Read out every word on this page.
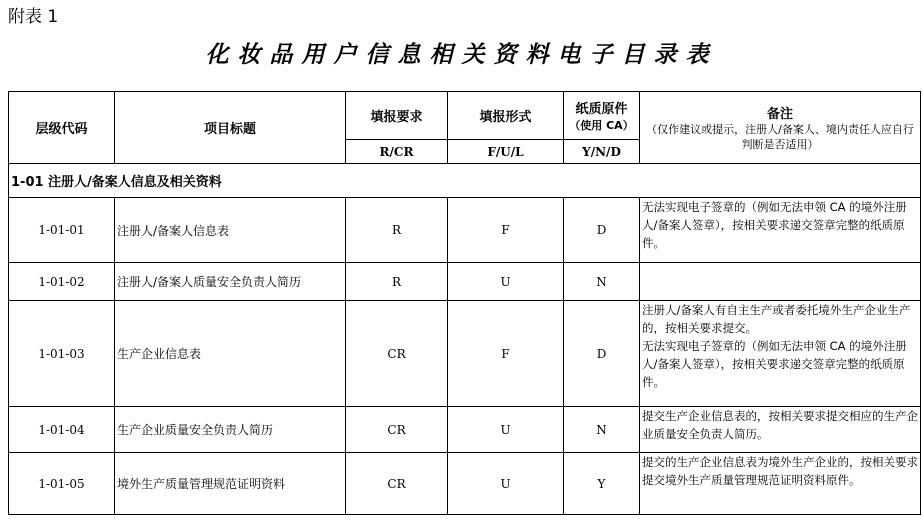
附表 1
化妆品用户信息相关资料电子目录表
层级代码	项目标题	填报要求	填报形式	纸质原件
（使用 CA）	备注
（仅作建议或提示，注册人/备案人、境内责任人应自行判断是否适用）

		R/CR	F/U/L	Y/N/D	
1-01 注册人/备案人信息及相关资料					
1-01-01	注册人/备案人信息表	R	F	D	无法实现电子签章的（例如无法申领 CA 的境外注册人/备案人签章），按相关要求递交签章完整的纸质原件。

1-01-02	注册人/备案人质量安全负责人简历	R	U	N	
1-01-03	生产企业信息表	CR	F	D	注册人/备案人有自主生产或者委托境外生产企业生产的，按相关要求提交。
无法实现电子签章的（例如无法申领 CA 的境外注册人/备案人签章），按相关要求递交签章完整的纸质原件。

1-01-04	生产企业质量安全负责人简历	CR	U	N	提交生产企业信息表的，按相关要求提交相应的生产企业质量安全负责人简历。

1-01-05	境外生产质量管理规范证明资料	CR	U	Y	提交的生产企业信息表为境外生产企业的，按相关要求提交境外生产质量管理规范证明资料原件。
